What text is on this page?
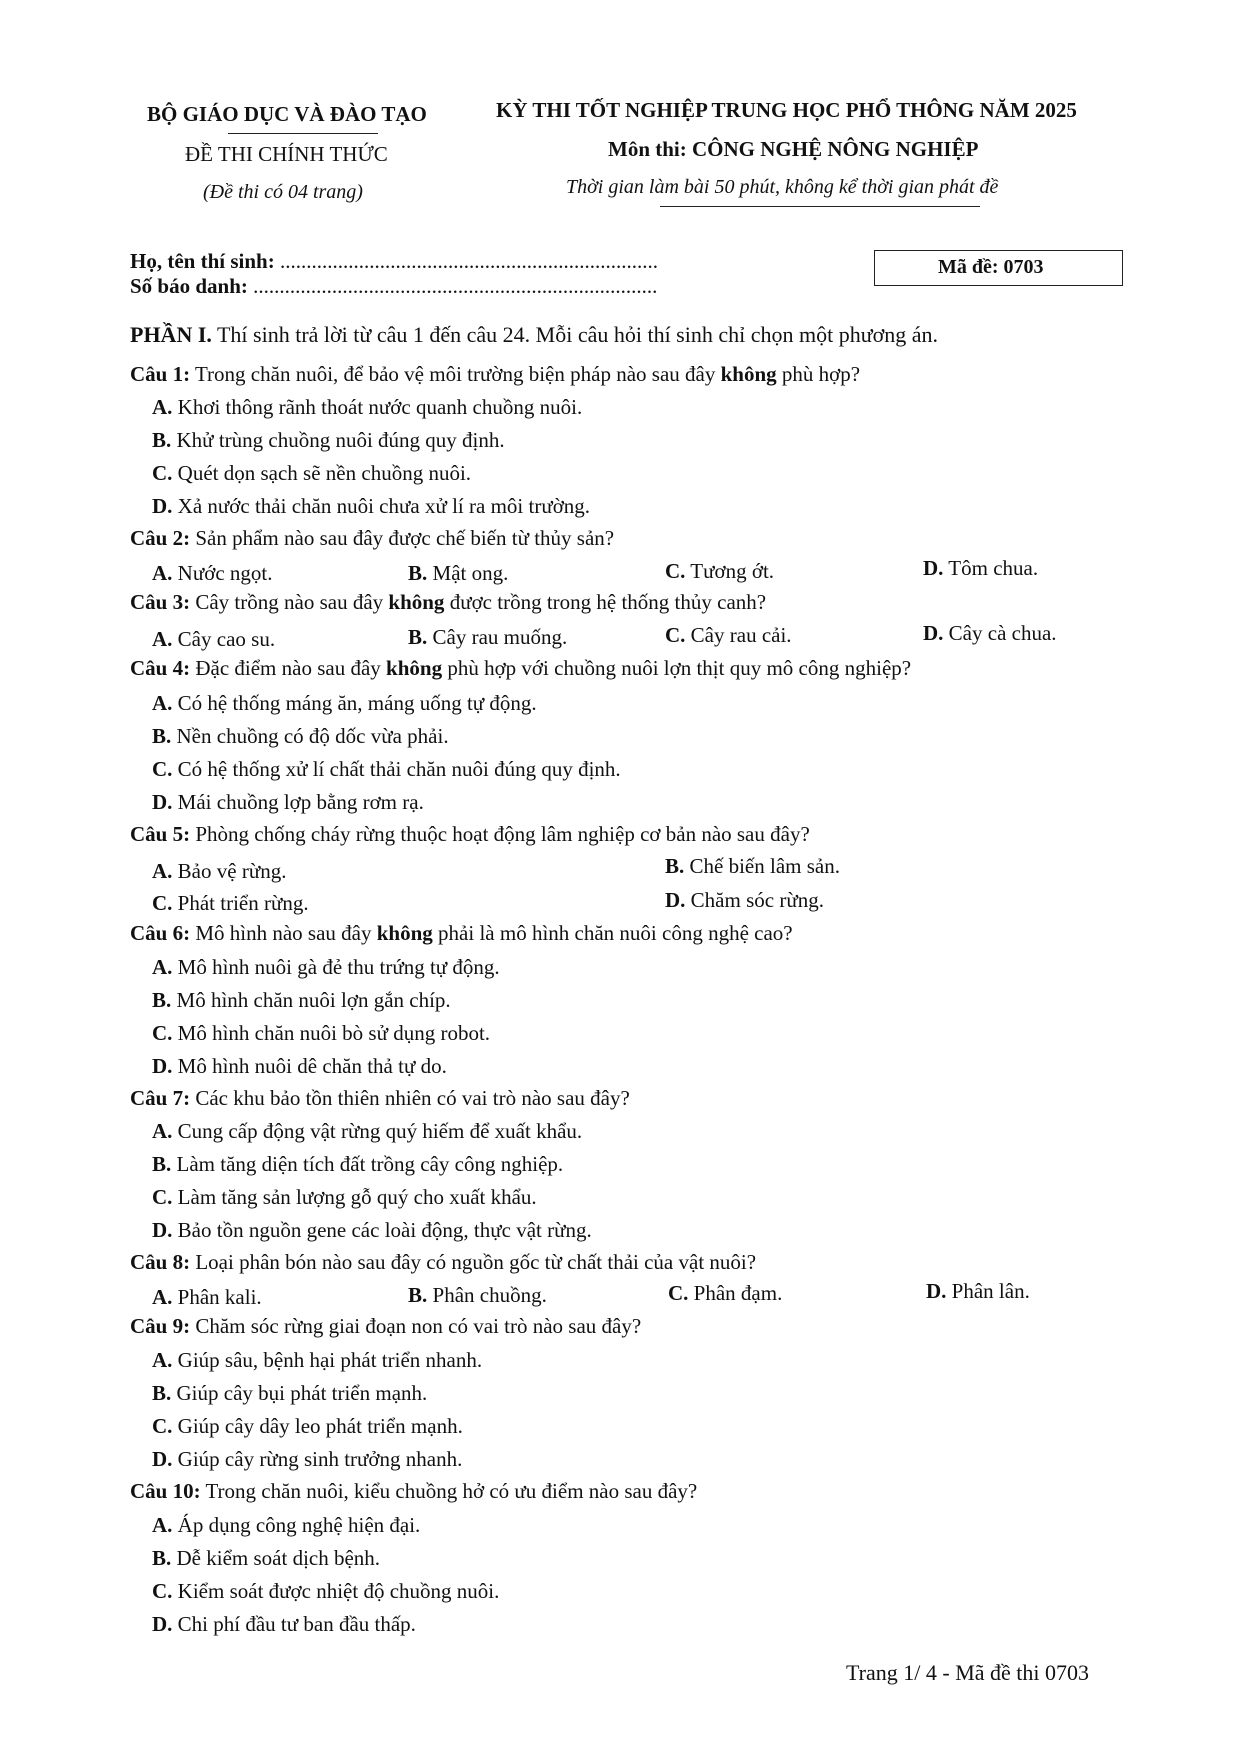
BỘ GIÁO DỤC VÀ ĐÀO TẠO
ĐỀ THI CHÍNH THỨC
(Đề thi có 04 trang)
KỲ THI TỐT NGHIỆP TRUNG HỌC PHỔ THÔNG NĂM 2025
Môn thi: CÔNG NGHỆ NÔNG NGHIỆP
Thời gian làm bài 50 phút, không kể thời gian phát đề
Họ, tên thí sinh: ........................................................................
Số báo danh: .............................................................................
Mã đề: 0703
PHẦN I. Thí sinh trả lời từ câu 1 đến câu 24. Mỗi câu hỏi thí sinh chỉ chọn một phương án.
Câu 1: Trong chăn nuôi, để bảo vệ môi trường biện pháp nào sau đây không phù hợp?
A. Khơi thông rãnh thoát nước quanh chuồng nuôi.
B. Khử trùng chuồng nuôi đúng quy định.
C. Quét dọn sạch sẽ nền chuồng nuôi.
D. Xả nước thải chăn nuôi chưa xử lí ra môi trường.
Câu 2: Sản phẩm nào sau đây được chế biến từ thủy sản?
A. Nước ngọt.	B. Mật ong.	C. Tương ớt.	D. Tôm chua.
Câu 3: Cây trồng nào sau đây không được trồng trong hệ thống thủy canh?
A. Cây cao su.	B. Cây rau muống.	C. Cây rau cải.	D. Cây cà chua.
Câu 4: Đặc điểm nào sau đây không phù hợp với chuồng nuôi lợn thịt quy mô công nghiệp?
A. Có hệ thống máng ăn, máng uống tự động.
B. Nền chuồng có độ dốc vừa phải.
C. Có hệ thống xử lí chất thải chăn nuôi đúng quy định.
D. Mái chuồng lợp bằng rơm rạ.
Câu 5: Phòng chống cháy rừng thuộc hoạt động lâm nghiệp cơ bản nào sau đây?
A. Bảo vệ rừng.	B. Chế biến lâm sản.
C. Phát triển rừng.	D. Chăm sóc rừng.
Câu 6: Mô hình nào sau đây không phải là mô hình chăn nuôi công nghệ cao?
A. Mô hình nuôi gà đẻ thu trứng tự động.
B. Mô hình chăn nuôi lợn gắn chíp.
C. Mô hình chăn nuôi bò sử dụng robot.
D. Mô hình nuôi dê chăn thả tự do.
Câu 7: Các khu bảo tồn thiên nhiên có vai trò nào sau đây?
A. Cung cấp động vật rừng quý hiếm để xuất khẩu.
B. Làm tăng diện tích đất trồng cây công nghiệp.
C. Làm tăng sản lượng gỗ quý cho xuất khẩu.
D. Bảo tồn nguồn gene các loài động, thực vật rừng.
Câu 8: Loại phân bón nào sau đây có nguồn gốc từ chất thải của vật nuôi?
A. Phân kali.	B. Phân chuồng.	C. Phân đạm.	D. Phân lân.
Câu 9: Chăm sóc rừng giai đoạn non có vai trò nào sau đây?
A. Giúp sâu, bệnh hại phát triển nhanh.
B. Giúp cây bụi phát triển mạnh.
C. Giúp cây dây leo phát triển mạnh.
D. Giúp cây rừng sinh trưởng nhanh.
Câu 10: Trong chăn nuôi, kiểu chuồng hở có ưu điểm nào sau đây?
A. Áp dụng công nghệ hiện đại.
B. Dễ kiểm soát dịch bệnh.
C. Kiểm soát được nhiệt độ chuồng nuôi.
D. Chi phí đầu tư ban đầu thấp.
Trang 1/ 4 - Mã đề thi 0703
